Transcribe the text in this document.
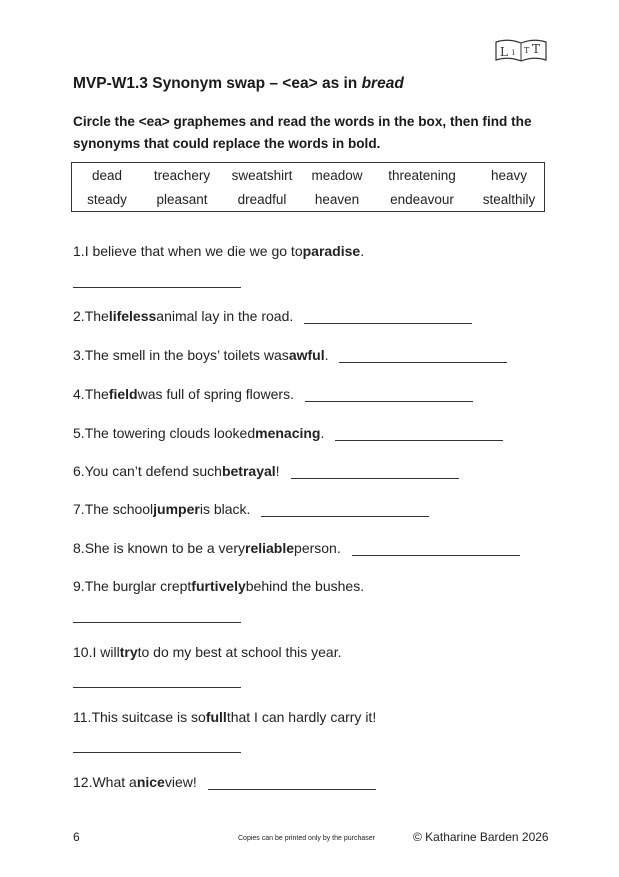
L i T T
MVP-W1.3 Synonym swap – <ea> as in bread
Circle the <ea> graphemes and read the words in the box, then find the synonyms that could replace the words in bold.
dead	treachery	sweatshirt	meadow	threatening	heavy
steady	pleasant	dreadful	heaven	endeavour	stealthily
1. I believe that when we die we go to paradise .
2. The lifeless animal lay in the road.
3. The smell in the boys’ toilets was awful .
4. The field was full of spring flowers.
5. The towering clouds looked menacing .
6. You can’t defend such betrayal !
7. The school jumper is black.
8. She is known to be a very reliable person.
9. The burglar crept furtively behind the bushes.
10. I will try to do my best at school this year.
11. This suitcase is so full that I can hardly carry it!
12. What a nice view!
6	Copies can be printed only by the purchaser	© Katharine Barden 2026
